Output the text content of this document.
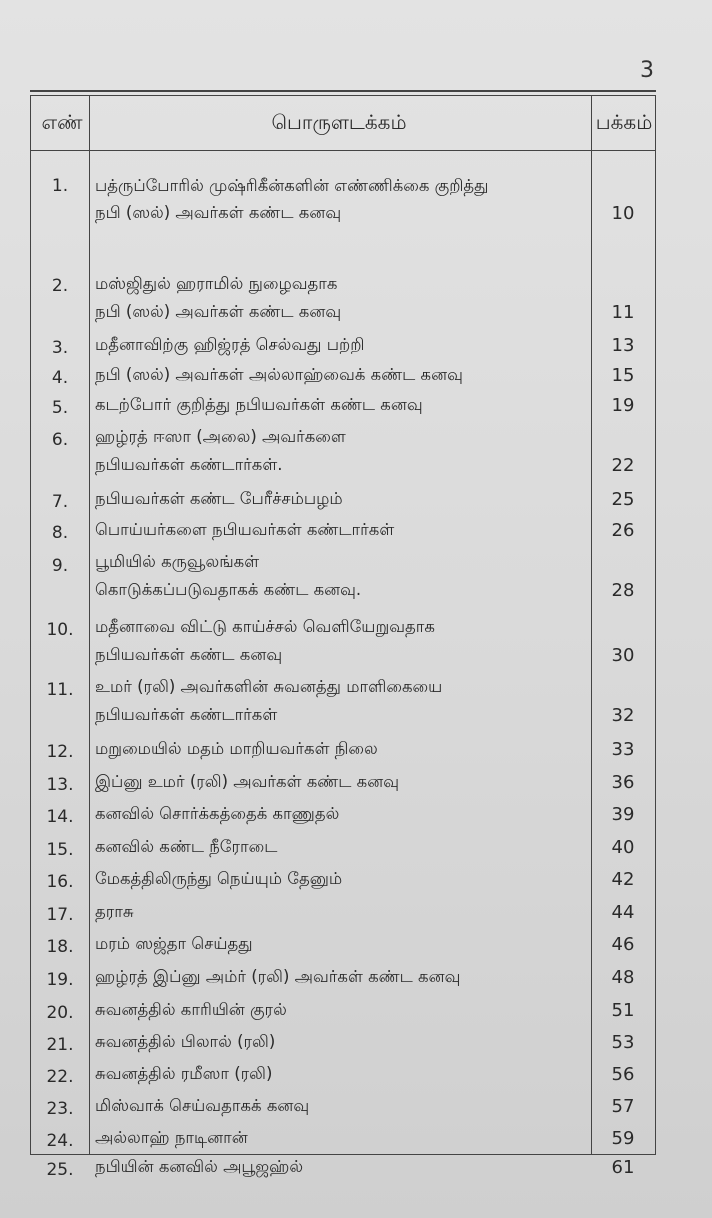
3
எண்	பொருளடக்கம்	பக்கம்
1.	பத்ருப்போரில் முஷ்ரிகீன்களின் எண்ணிக்கை குறித்து
நபி (ஸல்) அவர்கள் கண்ட கனவு	10
2.	மஸ்ஜிதுல் ஹராமில் நுழைவதாக
நபி (ஸல்) அவர்கள் கண்ட கனவு	11
3.	மதீனாவிற்கு ஹிஜ்ரத் செல்வது பற்றி	13
4.	நபி (ஸல்) அவர்கள் அல்லாஹ்வைக் கண்ட கனவு	15
5.	கடற்போர் குறித்து நபியவர்கள் கண்ட கனவு	19
6.	ஹழ்ரத் ஈஸா (அலை) அவர்களை
நபியவர்கள் கண்டார்கள்.	22
7.	நபியவர்கள் கண்ட பேரீச்சம்பழம்	25
8.	பொய்யர்களை நபியவர்கள் கண்டார்கள்	26
9.	பூமியில் கருவூலங்கள்
கொடுக்கப்படுவதாகக் கண்ட கனவு.	28
10.	மதீனாவை விட்டு காய்ச்சல் வெளியேறுவதாக
நபியவர்கள் கண்ட கனவு	30
11.	உமர் (ரலி) அவர்களின் சுவனத்து மாளிகையை
நபியவர்கள் கண்டார்கள்	32
12.	மறுமையில் மதம் மாறியவர்கள் நிலை	33
13.	இப்னு உமர் (ரலி) அவர்கள் கண்ட கனவு	36
14.	கனவில் சொர்க்கத்தைக் காணுதல்	39
15.	கனவில் கண்ட நீரோடை	40
16.	மேகத்திலிருந்து நெய்யும் தேனும்	42
17.	தராசு	44
18.	மரம் ஸஜ்தா செய்தது	46
19.	ஹழ்ரத் இப்னு அம்ர் (ரலி) அவர்கள் கண்ட கனவு	48
20.	சுவனத்தில் காரியின் குரல்	51
21.	சுவனத்தில் பிலால் (ரலி)	53
22.	சுவனத்தில் ரமீஸா (ரலி)	56
23.	மிஸ்வாக் செய்வதாகக் கனவு	57
24.	அல்லாஹ் நாடினான்	59
25.	நபியின் கனவில் அபூஜஹ்ல்	61
